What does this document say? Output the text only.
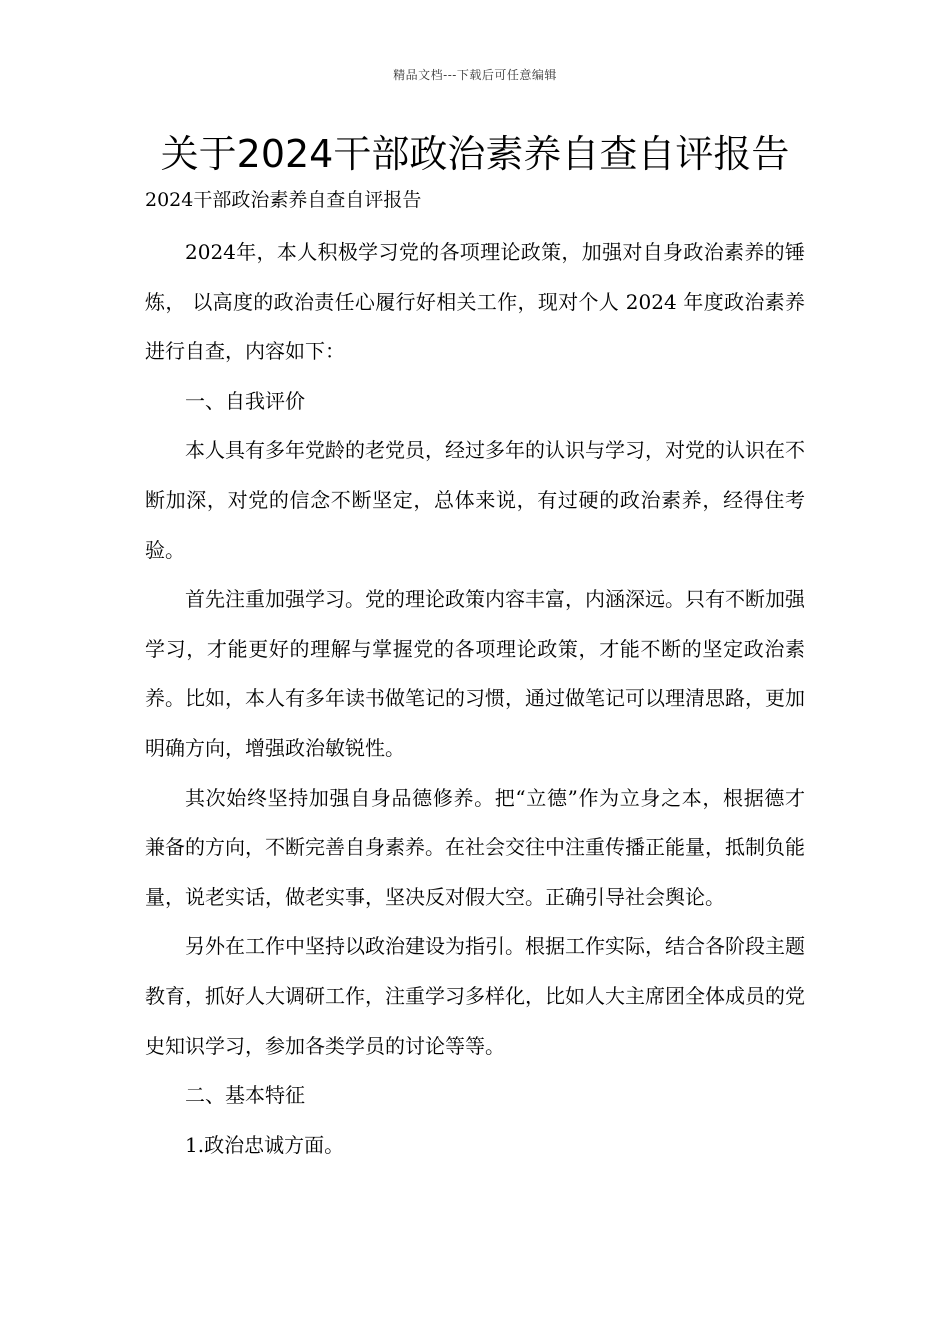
精品文档---下载后可任意编辑
关于2024干部政治素养自查自评报告
2024干部政治素养自查自评报告

2024年，本人积极学习党的各项理论政策，加强对自身政治素养的锤炼， 以高度的政治责任心履行好相关工作，现对个人 2024 年度政治素养进行自查，内容如下：

一、自我评价

本人具有多年党龄的老党员，经过多年的认识与学习，对党的认识在不断加深，对党的信念不断坚定，总体来说，有过硬的政治素养，经得住考验。

首先注重加强学习。党的理论政策内容丰富，内涵深远。只有不断加强学习，才能更好的理解与掌握党的各项理论政策，才能不断的坚定政治素养。比如，本人有多年读书做笔记的习惯，通过做笔记可以理清思路，更加明确方向，增强政治敏锐性。

其次始终坚持加强自身品德修养。把“立德”作为立身之本，根据德才兼备的方向，不断完善自身素养。在社会交往中注重传播正能量，抵制负能量，说老实话，做老实事，坚决反对假大空。正确引导社会舆论。

另外在工作中坚持以政治建设为指引。根据工作实际，结合各阶段主题教育，抓好人大调研工作，注重学习多样化，比如人大主席团全体成员的党史知识学习，参加各类学员的讨论等等。

二、基本特征

1.政治忠诚方面。
